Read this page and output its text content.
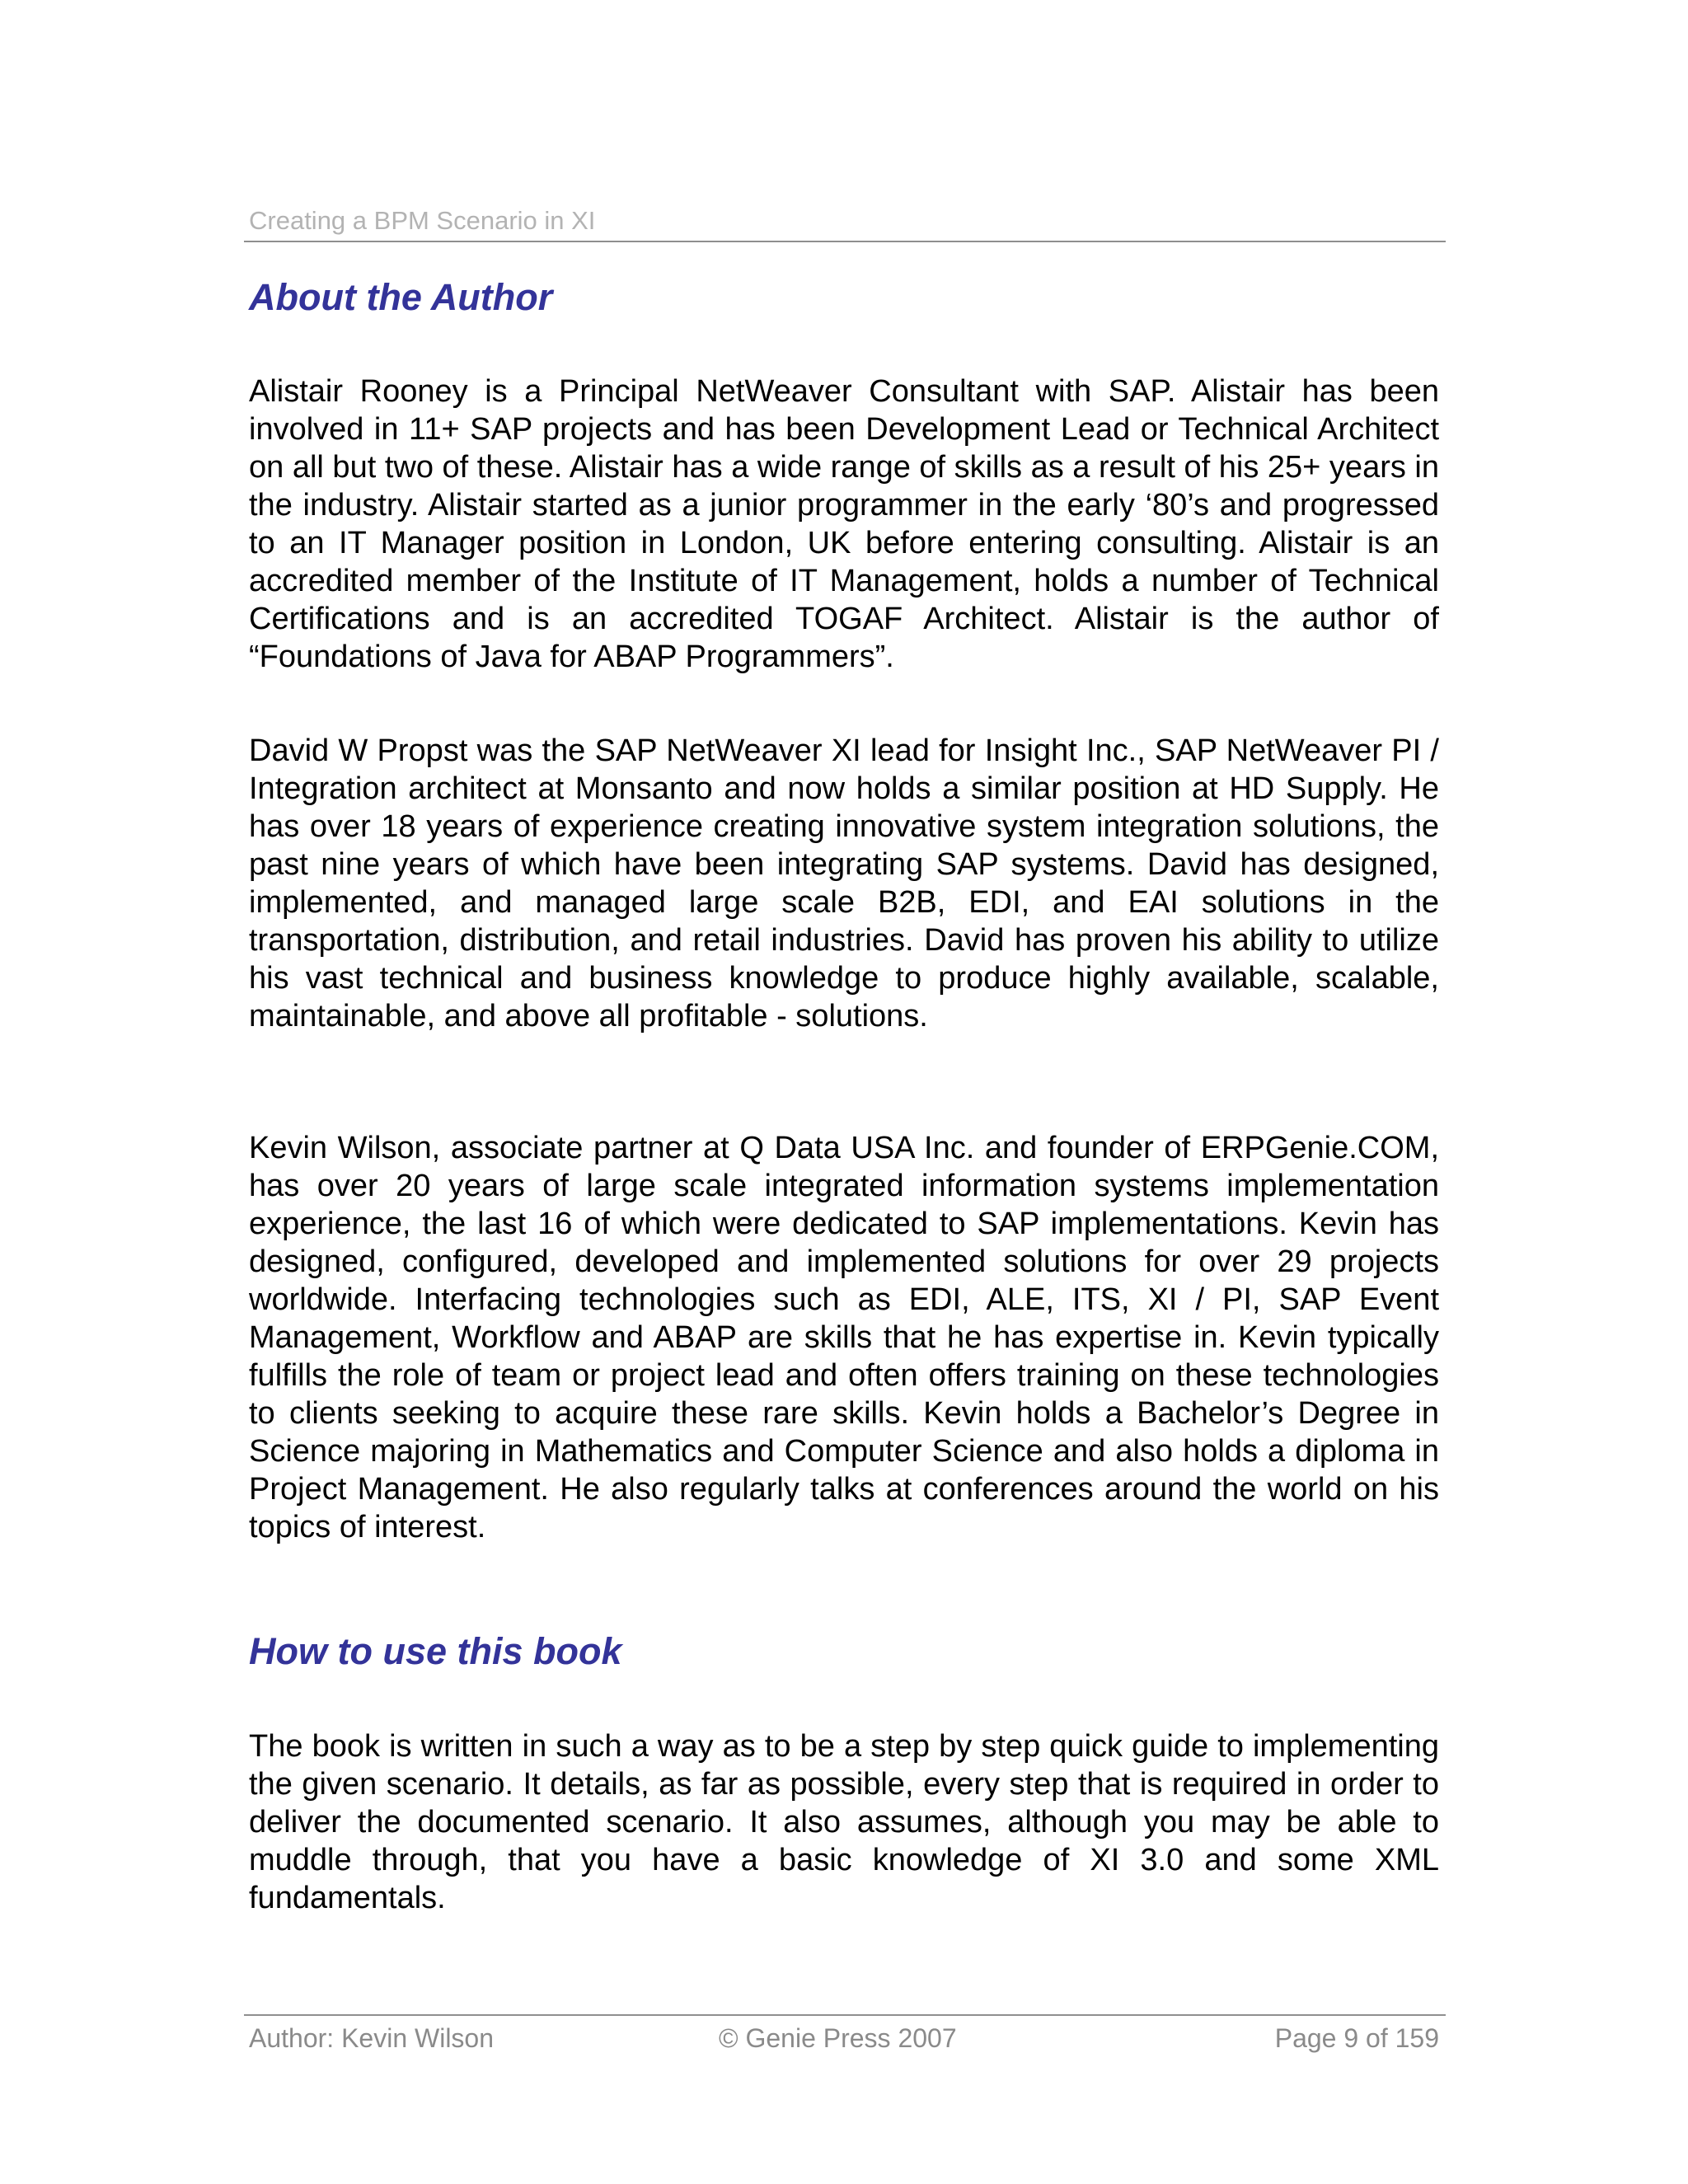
Creating a BPM Scenario in XI
About the Author

Alistair Rooney is a Principal NetWeaver Consultant with SAP. Alistair has been involved in 11+ SAP projects and has been Development Lead or Technical Architect on all but two of these. Alistair has a wide range of skills as a result of his 25+ years in the industry. Alistair started as a junior programmer in the early ‘80’s and progressed to an IT Manager position in London, UK before entering consulting. Alistair is an accredited member of the Institute of IT Management, holds a number of Technical Certifications and is an accredited TOGAF Architect. Alistair is the author of “Foundations of Java for ABAP Programmers”.

David W Propst was the SAP NetWeaver XI lead for Insight Inc., SAP NetWeaver PI / Integration architect at Monsanto and now holds a similar position at HD Supply. He has over 18 years of experience creating innovative system integration solutions, the past nine years of which have been integrating SAP systems. David has designed, implemented, and managed large scale B2B, EDI, and EAI solutions in the transportation, distribution, and retail industries. David has proven his ability to utilize his vast technical and business knowledge to produce highly available, scalable, maintainable, and above all profitable - solutions.

Kevin Wilson, associate partner at Q Data USA Inc. and founder of ERPGenie.COM, has over 20 years of large scale integrated information systems implementation experience, the last 16 of which were dedicated to SAP implementations. Kevin has designed, configured, developed and implemented solutions for over 29 projects worldwide. Interfacing technologies such as EDI, ALE, ITS, XI / PI, SAP Event Management, Workflow and ABAP are skills that he has expertise in. Kevin typically fulfills the role of team or project lead and often offers training on these technologies to clients seeking to acquire these rare skills. Kevin holds a Bachelor’s Degree in Science majoring in Mathematics and Computer Science and also holds a diploma in Project Management. He also regularly talks at conferences around the world on his topics of interest.

How to use this book

The book is written in such a way as to be a step by step quick guide to implementing the given scenario. It details, as far as possible, every step that is required in order to deliver the documented scenario. It also assumes, although you may be able to muddle through, that you have a basic knowledge of XI 3.0 and some XML fundamentals.

Author: Kevin Wilson	© Genie Press 2007	Page 9 of 159
